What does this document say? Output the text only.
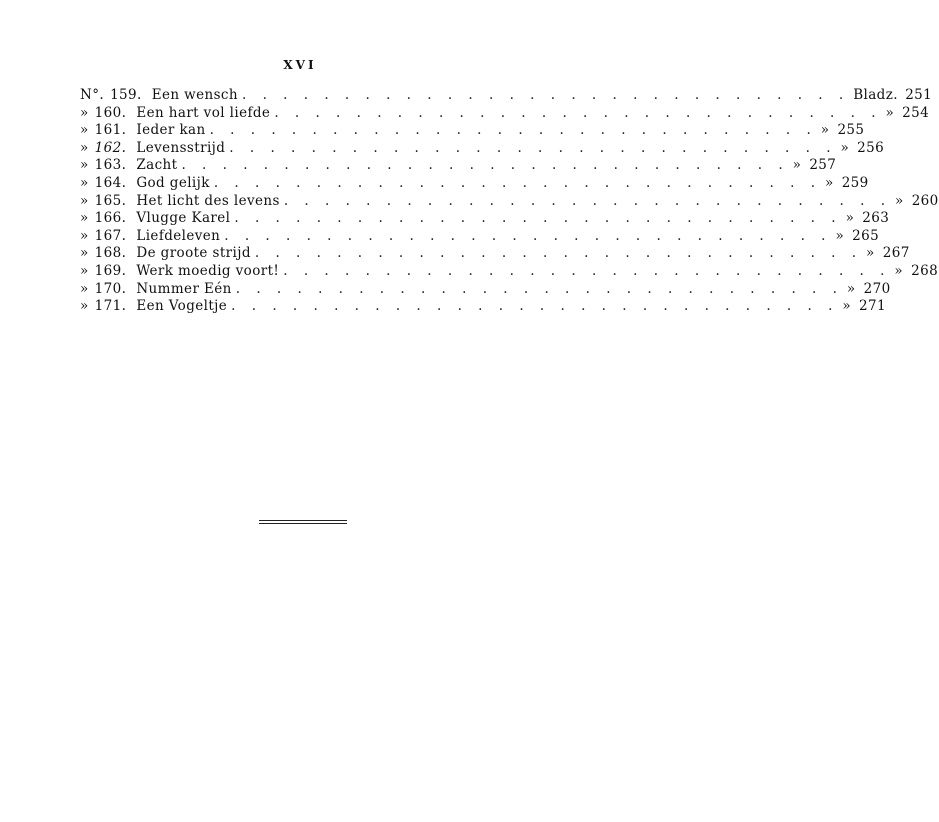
XVI
N°. 159. Een wensch . . . . . . . . . . . . . . . . . . . . . . . . . . . . . . Bladz. 251
» 160. Een hart vol liefde . . . . . . . . . . . . . . . . . . . . . . . . . . . . . . » 254
» 161. Ieder kan . . . . . . . . . . . . . . . . . . . . . . . . . . . . . . » 255
» 162. Levensstrijd . . . . . . . . . . . . . . . . . . . . . . . . . . . . . . » 256
» 163. Zacht . . . . . . . . . . . . . . . . . . . . . . . . . . . . . . » 257
» 164. God gelijk . . . . . . . . . . . . . . . . . . . . . . . . . . . . . . » 259
» 165. Het licht des levens . . . . . . . . . . . . . . . . . . . . . . . . . . . . . . » 260
» 166. Vlugge Karel . . . . . . . . . . . . . . . . . . . . . . . . . . . . . . » 263
» 167. Liefdeleven . . . . . . . . . . . . . . . . . . . . . . . . . . . . . . » 265
» 168. De groote strijd . . . . . . . . . . . . . . . . . . . . . . . . . . . . . . » 267
» 169. Werk moedig voort! . . . . . . . . . . . . . . . . . . . . . . . . . . . . . . » 268
» 170. Nummer Eén . . . . . . . . . . . . . . . . . . . . . . . . . . . . . . » 270
» 171. Een Vogeltje . . . . . . . . . . . . . . . . . . . . . . . . . . . . . . » 271
